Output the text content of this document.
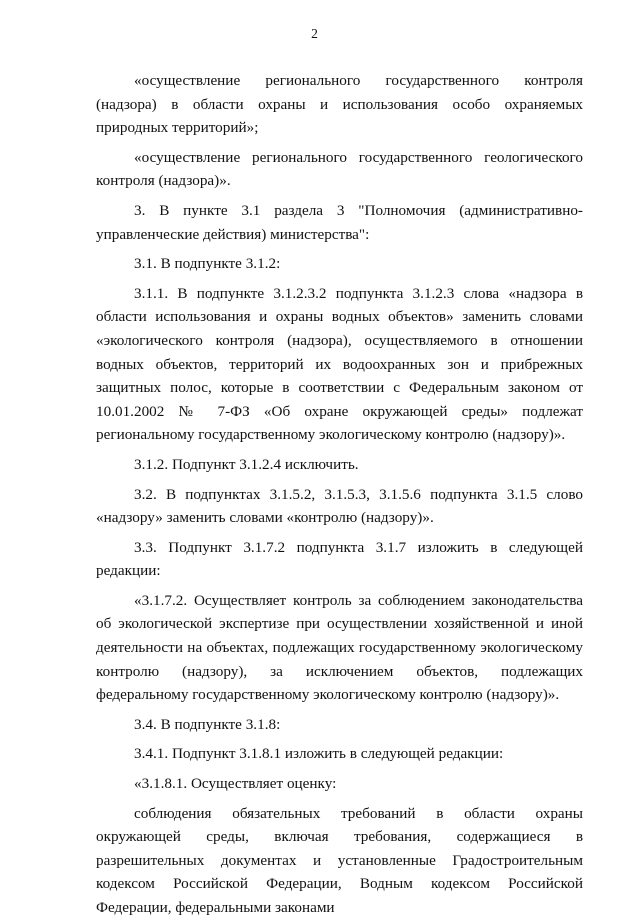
2

«осуществление регионального государственного контроля (надзора) в области охраны и использования особо охраняемых природных территорий»;

«осуществление регионального государственного геологического контроля (надзора)».

3. В пункте 3.1 раздела 3 "Полномочия (административно-управленческие действия) министерства":

3.1. В подпункте 3.1.2:

3.1.1. В подпункте 3.1.2.3.2 подпункта 3.1.2.3 слова «надзора в области использования и охраны водных объектов» заменить словами «экологического контроля (надзора), осуществляемого в отношении водных объектов, территорий их водоохранных зон и прибрежных защитных полос, которые в соответствии с Федеральным законом от 10.01.2002 № 7-ФЗ «Об охране окружающей среды» подлежат региональному государственному экологическому контролю (надзору)».

3.1.2. Подпункт 3.1.2.4 исключить.

3.2. В подпунктах 3.1.5.2, 3.1.5.3, 3.1.5.6 подпункта 3.1.5 слово «надзору» заменить словами «контролю (надзору)».

3.3. Подпункт 3.1.7.2 подпункта 3.1.7 изложить в следующей редакции:

«3.1.7.2. Осуществляет контроль за соблюдением законодательства об экологической экспертизе при осуществлении хозяйственной и иной деятельности на объектах, подлежащих государственному экологическому контролю (надзору), за исключением объектов, подлежащих федеральному государственному экологическому контролю (надзору)».

3.4. В подпункте 3.1.8:

3.4.1. Подпункт 3.1.8.1 изложить в следующей редакции:

«3.1.8.1. Осуществляет оценку:

соблюдения обязательных требований в области охраны окружающей среды, включая требования, содержащиеся в разрешительных документах и установленные Градостроительным кодексом Российской Федерации, Водным кодексом Российской Федерации, федеральными законами
